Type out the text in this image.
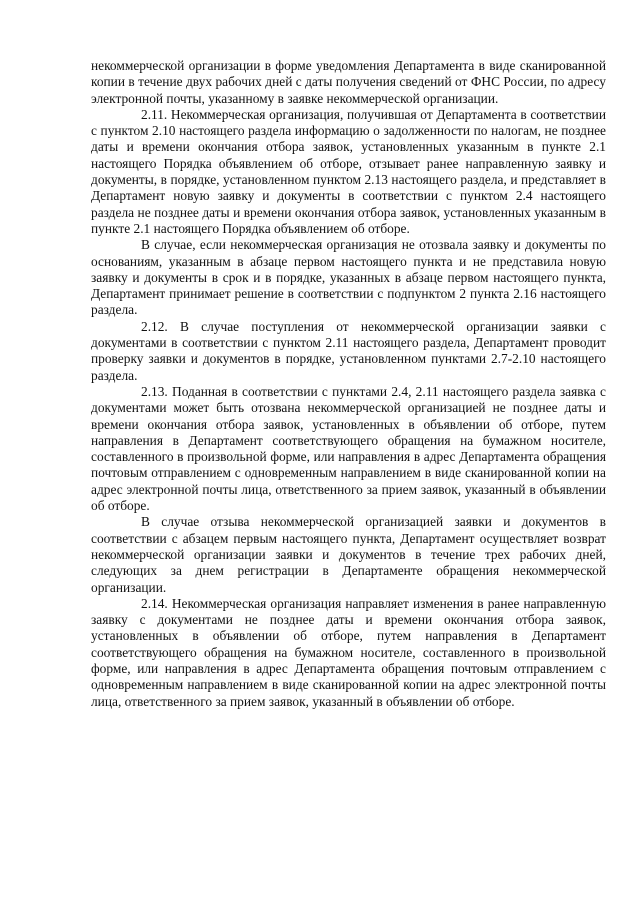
некоммерческой организации в форме уведомления Департамента в виде сканированной копии в течение двух рабочих дней с даты получения сведений от ФНС России, по адресу электронной почты, указанному в заявке некоммерческой организации.

2.11. Некоммерческая организация, получившая от Департамента в соответствии с пунктом 2.10 настоящего раздела информацию о задолженности по налогам, не позднее даты и времени окончания отбора заявок, установленных указанным в пункте 2.1 настоящего Порядка объявлением об отборе, отзывает ранее направленную заявку и документы, в порядке, установленном пунктом 2.13 настоящего раздела, и представляет в Департамент новую заявку и документы в соответствии с пунктом 2.4 настоящего раздела не позднее даты и времени окончания отбора заявок, установленных указанным в пункте 2.1 настоящего Порядка объявлением об отборе.

В случае, если некоммерческая организация не отозвала заявку и документы по основаниям, указанным в абзаце первом настоящего пункта и не представила новую заявку и документы в срок и в порядке, указанных в абзаце первом настоящего пункта, Департамент принимает решение в соответствии с подпунктом 2 пункта 2.16 настоящего раздела.

2.12. В случае поступления от некоммерческой организации заявки с документами в соответствии с пунктом 2.11 настоящего раздела, Департамент проводит проверку заявки и документов в порядке, установленном пунктами 2.7-2.10 настоящего раздела.

2.13. Поданная в соответствии с пунктами 2.4, 2.11 настоящего раздела заявка с документами может быть отозвана некоммерческой организацией не позднее даты и времени окончания отбора заявок, установленных в объявлении об отборе, путем направления в Департамент соответствующего обращения на бумажном носителе, составленного в произвольной форме, или направления в адрес Департамента обращения почтовым отправлением с одновременным направлением в виде сканированной копии на адрес электронной почты лица, ответственного за прием заявок, указанный в объявлении об отборе.

В случае отзыва некоммерческой организацией заявки и документов в соответствии с абзацем первым настоящего пункта, Департамент осуществляет возврат некоммерческой организации заявки и документов в течение трех рабочих дней, следующих за днем регистрации в Департаменте обращения некоммерческой организации.

2.14. Некоммерческая организация направляет изменения в ранее направленную заявку с документами не позднее даты и времени окончания отбора заявок, установленных в объявлении об отборе, путем направления в Департамент соответствующего обращения на бумажном носителе, составленного в произвольной форме, или направления в адрес Департамента обращения почтовым отправлением с одновременным направлением в виде сканированной копии на адрес электронной почты лица, ответственного за прием заявок, указанный в объявлении об отборе.
